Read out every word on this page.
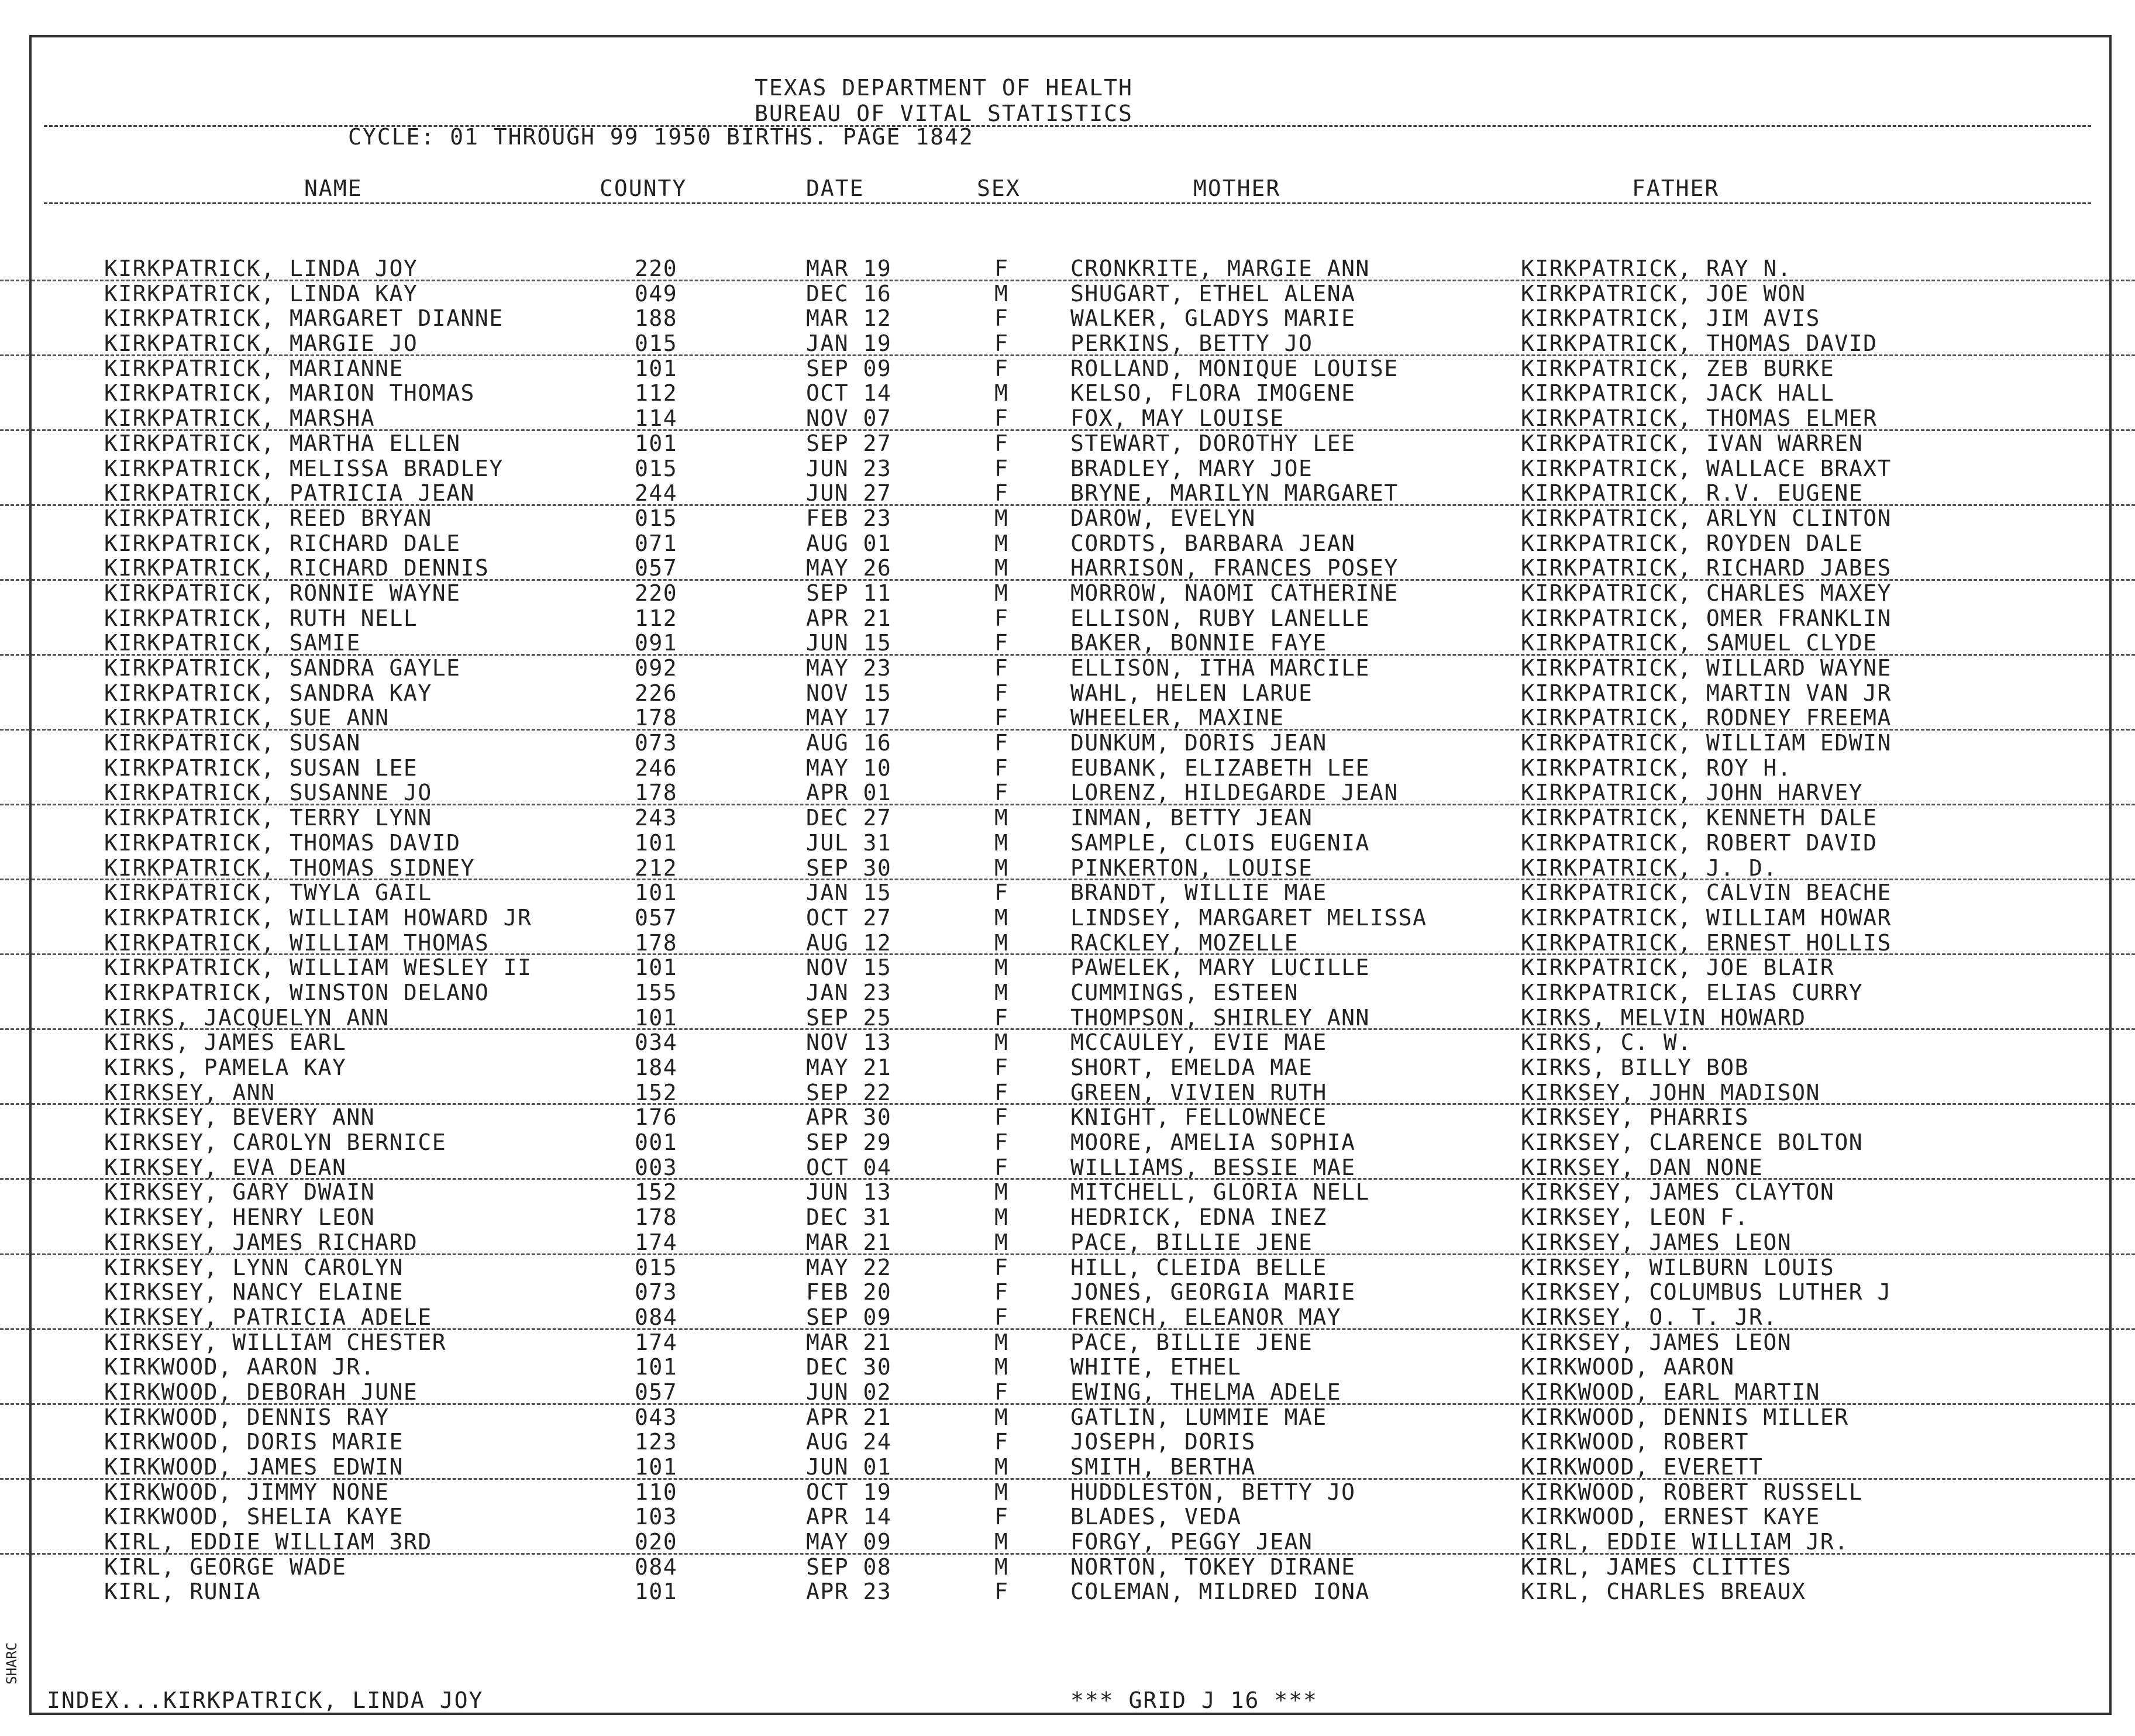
TEXAS DEPARTMENT OF HEALTH
BUREAU OF VITAL STATISTICS
CYCLE: 01 THROUGH 99 1950 BIRTHS. PAGE 1842
NAME	COUNTY	DATE	SEX	MOTHER	FATHER
KIRKPATRICK, LINDA JOY	220	MAR 19	F	CRONKRITE, MARGIE ANN	KIRKPATRICK, RAY N.
KIRKPATRICK, LINDA KAY	049	DEC 16	M	SHUGART, ETHEL ALENA	KIRKPATRICK, JOE WON
KIRKPATRICK, MARGARET DIANNE	188	MAR 12	F	WALKER, GLADYS MARIE	KIRKPATRICK, JIM AVIS
KIRKPATRICK, MARGIE JO	015	JAN 19	F	PERKINS, BETTY JO	KIRKPATRICK, THOMAS DAVID
KIRKPATRICK, MARIANNE	101	SEP 09	F	ROLLAND, MONIQUE LOUISE	KIRKPATRICK, ZEB BURKE
KIRKPATRICK, MARION THOMAS	112	OCT 14	M	KELSO, FLORA IMOGENE	KIRKPATRICK, JACK HALL
KIRKPATRICK, MARSHA	114	NOV 07	F	FOX, MAY LOUISE	KIRKPATRICK, THOMAS ELMER
KIRKPATRICK, MARTHA ELLEN	101	SEP 27	F	STEWART, DOROTHY LEE	KIRKPATRICK, IVAN WARREN
KIRKPATRICK, MELISSA BRADLEY	015	JUN 23	F	BRADLEY, MARY JOE	KIRKPATRICK, WALLACE BRAXT
KIRKPATRICK, PATRICIA JEAN	244	JUN 27	F	BRYNE, MARILYN MARGARET	KIRKPATRICK, R.V. EUGENE
KIRKPATRICK, REED BRYAN	015	FEB 23	M	DAROW, EVELYN	KIRKPATRICK, ARLYN CLINTON
KIRKPATRICK, RICHARD DALE	071	AUG 01	M	CORDTS, BARBARA JEAN	KIRKPATRICK, ROYDEN DALE
KIRKPATRICK, RICHARD DENNIS	057	MAY 26	M	HARRISON, FRANCES POSEY	KIRKPATRICK, RICHARD JABES
KIRKPATRICK, RONNIE WAYNE	220	SEP 11	M	MORROW, NAOMI CATHERINE	KIRKPATRICK, CHARLES MAXEY
KIRKPATRICK, RUTH NELL	112	APR 21	F	ELLISON, RUBY LANELLE	KIRKPATRICK, OMER FRANKLIN
KIRKPATRICK, SAMIE	091	JUN 15	F	BAKER, BONNIE FAYE	KIRKPATRICK, SAMUEL CLYDE
KIRKPATRICK, SANDRA GAYLE	092	MAY 23	F	ELLISON, ITHA MARCILE	KIRKPATRICK, WILLARD WAYNE
KIRKPATRICK, SANDRA KAY	226	NOV 15	F	WAHL, HELEN LARUE	KIRKPATRICK, MARTIN VAN JR
KIRKPATRICK, SUE ANN	178	MAY 17	F	WHEELER, MAXINE	KIRKPATRICK, RODNEY FREEMA
KIRKPATRICK, SUSAN	073	AUG 16	F	DUNKUM, DORIS JEAN	KIRKPATRICK, WILLIAM EDWIN
KIRKPATRICK, SUSAN LEE	246	MAY 10	F	EUBANK, ELIZABETH LEE	KIRKPATRICK, ROY H.
KIRKPATRICK, SUSANNE JO	178	APR 01	F	LORENZ, HILDEGARDE JEAN	KIRKPATRICK, JOHN HARVEY
KIRKPATRICK, TERRY LYNN	243	DEC 27	M	INMAN, BETTY JEAN	KIRKPATRICK, KENNETH DALE
KIRKPATRICK, THOMAS DAVID	101	JUL 31	M	SAMPLE, CLOIS EUGENIA	KIRKPATRICK, ROBERT DAVID
KIRKPATRICK, THOMAS SIDNEY	212	SEP 30	M	PINKERTON, LOUISE	KIRKPATRICK, J. D.
KIRKPATRICK, TWYLA GAIL	101	JAN 15	F	BRANDT, WILLIE MAE	KIRKPATRICK, CALVIN BEACHE
KIRKPATRICK, WILLIAM HOWARD JR	057	OCT 27	M	LINDSEY, MARGARET MELISSA	KIRKPATRICK, WILLIAM HOWAR
KIRKPATRICK, WILLIAM THOMAS	178	AUG 12	M	RACKLEY, MOZELLE	KIRKPATRICK, ERNEST HOLLIS
KIRKPATRICK, WILLIAM WESLEY II	101	NOV 15	M	PAWELEK, MARY LUCILLE	KIRKPATRICK, JOE BLAIR
KIRKPATRICK, WINSTON DELANO	155	JAN 23	M	CUMMINGS, ESTEEN	KIRKPATRICK, ELIAS CURRY
KIRKS, JACQUELYN ANN	101	SEP 25	F	THOMPSON, SHIRLEY ANN	KIRKS, MELVIN HOWARD
KIRKS, JAMES EARL	034	NOV 13	M	MCCAULEY, EVIE MAE	KIRKS, C. W.
KIRKS, PAMELA KAY	184	MAY 21	F	SHORT, EMELDA MAE	KIRKS, BILLY BOB
KIRKSEY, ANN	152	SEP 22	F	GREEN, VIVIEN RUTH	KIRKSEY, JOHN MADISON
KIRKSEY, BEVERY ANN	176	APR 30	F	KNIGHT, FELLOWNECE	KIRKSEY, PHARRIS
KIRKSEY, CAROLYN BERNICE	001	SEP 29	F	MOORE, AMELIA SOPHIA	KIRKSEY, CLARENCE BOLTON
KIRKSEY, EVA DEAN	003	OCT 04	F	WILLIAMS, BESSIE MAE	KIRKSEY, DAN NONE
KIRKSEY, GARY DWAIN	152	JUN 13	M	MITCHELL, GLORIA NELL	KIRKSEY, JAMES CLAYTON
KIRKSEY, HENRY LEON	178	DEC 31	M	HEDRICK, EDNA INEZ	KIRKSEY, LEON F.
KIRKSEY, JAMES RICHARD	174	MAR 21	M	PACE, BILLIE JENE	KIRKSEY, JAMES LEON
KIRKSEY, LYNN CAROLYN	015	MAY 22	F	HILL, CLEIDA BELLE	KIRKSEY, WILBURN LOUIS
KIRKSEY, NANCY ELAINE	073	FEB 20	F	JONES, GEORGIA MARIE	KIRKSEY, COLUMBUS LUTHER J
KIRKSEY, PATRICIA ADELE	084	SEP 09	F	FRENCH, ELEANOR MAY	KIRKSEY, O. T. JR.
KIRKSEY, WILLIAM CHESTER	174	MAR 21	M	PACE, BILLIE JENE	KIRKSEY, JAMES LEON
KIRKWOOD, AARON JR.	101	DEC 30	M	WHITE, ETHEL	KIRKWOOD, AARON
KIRKWOOD, DEBORAH JUNE	057	JUN 02	F	EWING, THELMA ADELE	KIRKWOOD, EARL MARTIN
KIRKWOOD, DENNIS RAY	043	APR 21	M	GATLIN, LUMMIE MAE	KIRKWOOD, DENNIS MILLER
KIRKWOOD, DORIS MARIE	123	AUG 24	F	JOSEPH, DORIS	KIRKWOOD, ROBERT
KIRKWOOD, JAMES EDWIN	101	JUN 01	M	SMITH, BERTHA	KIRKWOOD, EVERETT
KIRKWOOD, JIMMY NONE	110	OCT 19	M	HUDDLESTON, BETTY JO	KIRKWOOD, ROBERT RUSSELL
KIRKWOOD, SHELIA KAYE	103	APR 14	F	BLADES, VEDA	KIRKWOOD, ERNEST KAYE
KIRL, EDDIE WILLIAM 3RD	020	MAY 09	M	FORGY, PEGGY JEAN	KIRL, EDDIE WILLIAM JR.
KIRL, GEORGE WADE	084	SEP 08	M	NORTON, TOKEY DIRANE	KIRL, JAMES CLITTES
KIRL, RUNIA	101	APR 23	F	COLEMAN, MILDRED IONA	KIRL, CHARLES BREAUX
INDEX...KIRKPATRICK, LINDA JOY	*** GRID J 16 ***
SHARC
